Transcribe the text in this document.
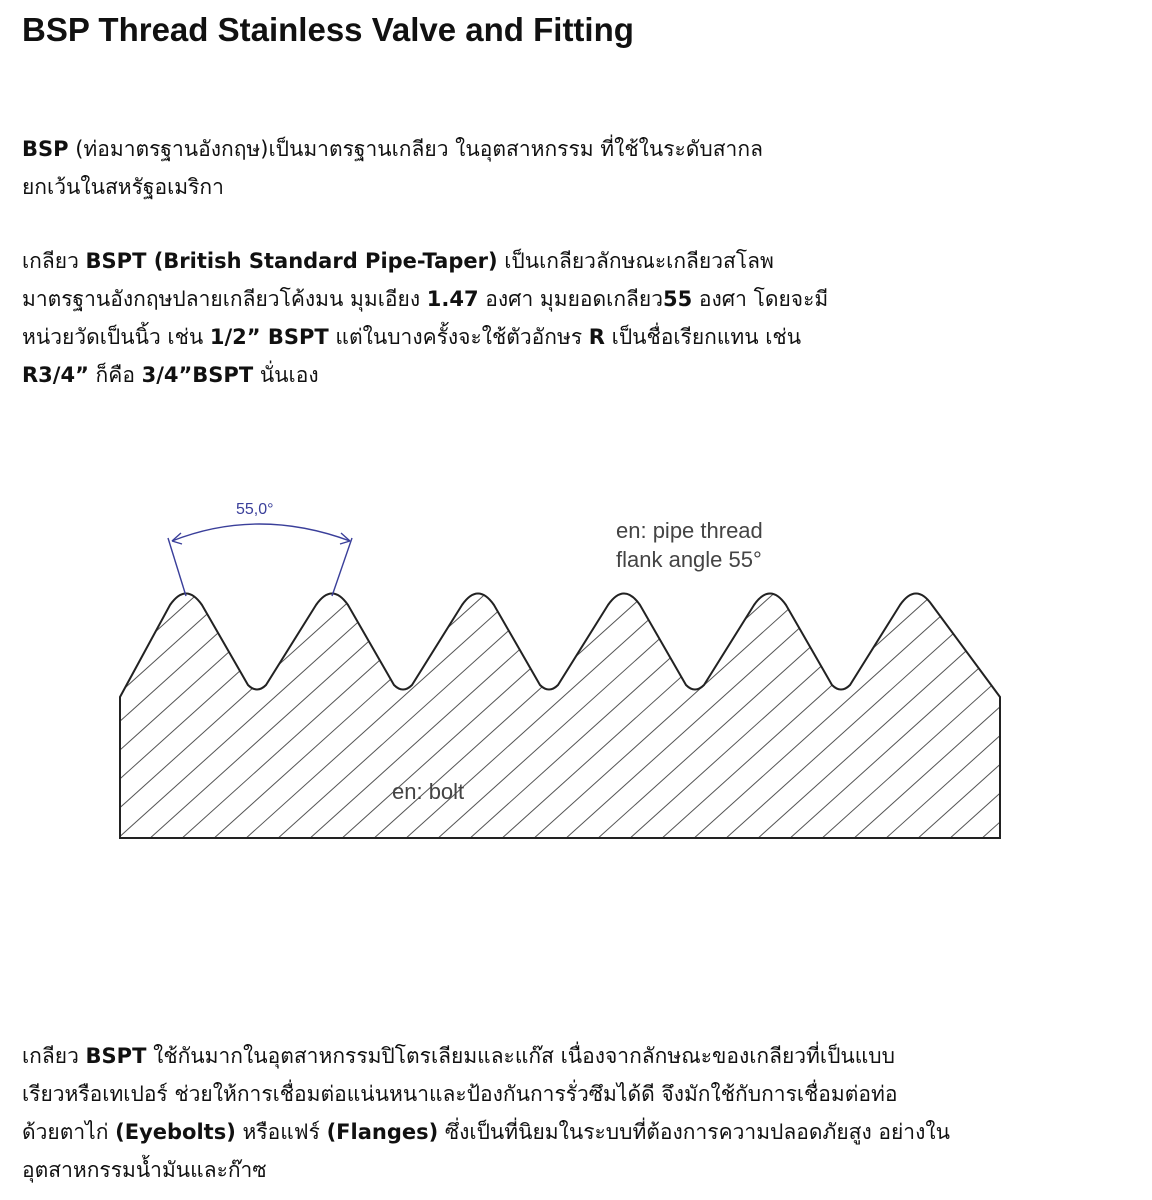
BSP Thread Stainless Valve and Fitting

BSP (ท่อมาตรฐานอังกฤษ)เป็นมาตรฐานเกลียว ในอุตสาหกรรม ที่ใช้ในระดับสากล
ยกเว้นในสหรัฐอเมริกา

เกลียว BSPT (British Standard Pipe-Taper) เป็นเกลียวลักษณะเกลียวสโลพ
มาตรฐานอังกฤษปลายเกลียวโค้งมน มุมเอียง 1.47 องศา มุมยอดเกลียว55 องศา โดยจะมี
หน่วยวัดเป็นนิ้ว เช่น 1/2” BSPT แต่ในบางครั้งจะใช้ตัวอักษร R เป็นชื่อเรียกแทน เช่น
R3/4” ก็คือ 3/4”BSPT นั่นเอง

55,0°
en: pipe thread
flank angle 55°
en: bolt

เกลียว BSPT ใช้กันมากในอุตสาหกรรมปิโตรเลียมและแก๊ส เนื่องจากลักษณะของเกลียวที่เป็นแบบ
เรียวหรือเทเปอร์ ช่วยให้การเชื่อมต่อแน่นหนาและป้องกันการรั่วซึมได้ดี จึงมักใช้กับการเชื่อมต่อท่อ
ด้วยตาไก่ (Eyebolts) หรือแฟร์ (Flanges) ซึ่งเป็นที่นิยมในระบบที่ต้องการความปลอดภัยสูง อย่างใน
อุตสาหกรรมน้ำมันและก๊าซ
